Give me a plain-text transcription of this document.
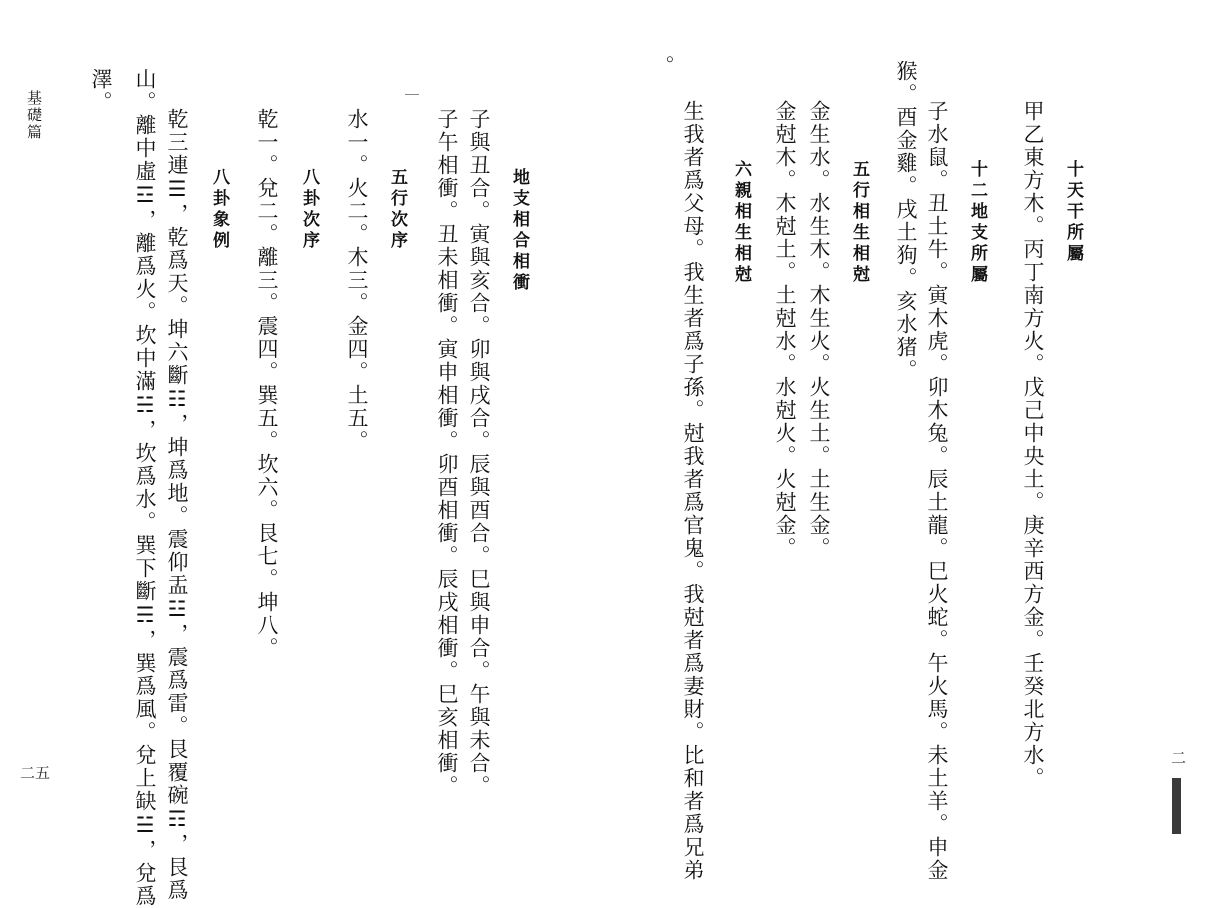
十天干所屬
甲乙東方木。丙丁南方火。戊己中央土。庚辛西方金。壬癸北方水。
十二地支所屬
子水鼠。丑土牛。寅木虎。卯木兔。辰土龍。巳火蛇。午火馬。未土羊。申金
猴。酉金雞。戌土狗。亥水猪。
五行相生相尅
金生水。水生木。木生火。火生土。土生金。
金尅木。木尅土。土尅水。水尅火。火尅金。
六親相生相尅
生我者爲父母。我生者爲子孫。尅我者爲官鬼。我尅者爲妻財。比和者爲兄弟
。
二
地支相合相衝
子與丑合。寅與亥合。卯與戌合。辰與酉合。巳與申合。午與未合。
子午相衝。丑未相衝。寅申相衝。卯酉相衝。辰戌相衝。巳亥相衝。
五行次序
水一。火二。木三。金四。土五。
八卦次序
乾一。兌二。離三。震四。巽五。坎六。艮七。坤八。
八卦象例
乾三連☰，乾爲天。坤六斷☷，坤爲地。震仰盂☳，震爲雷。艮覆碗☶，艮爲
山。離中虛☲，離爲火。坎中滿☵，坎爲水。巽下斷☴，巽爲風。兌上缺☱，兌爲
澤。
基礎篇
二五
